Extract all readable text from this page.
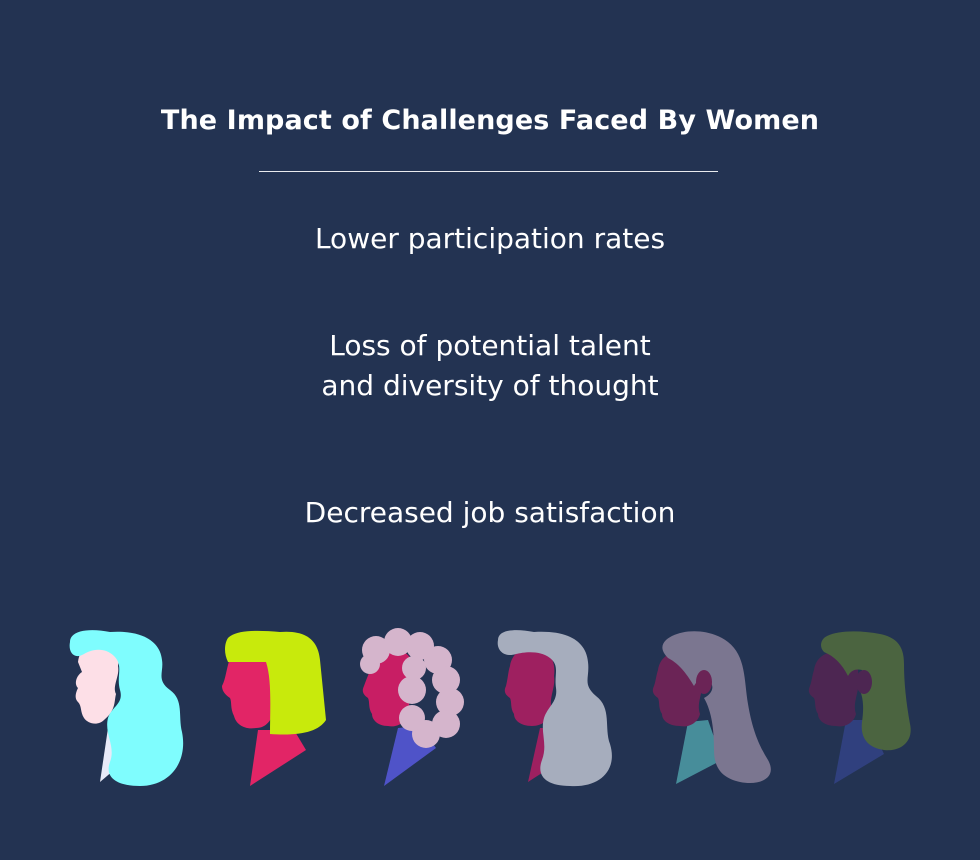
The Impact of Challenges Faced By Women
Lower participation rates
Loss of potential talent
and diversity of thought
Decreased job satisfaction
